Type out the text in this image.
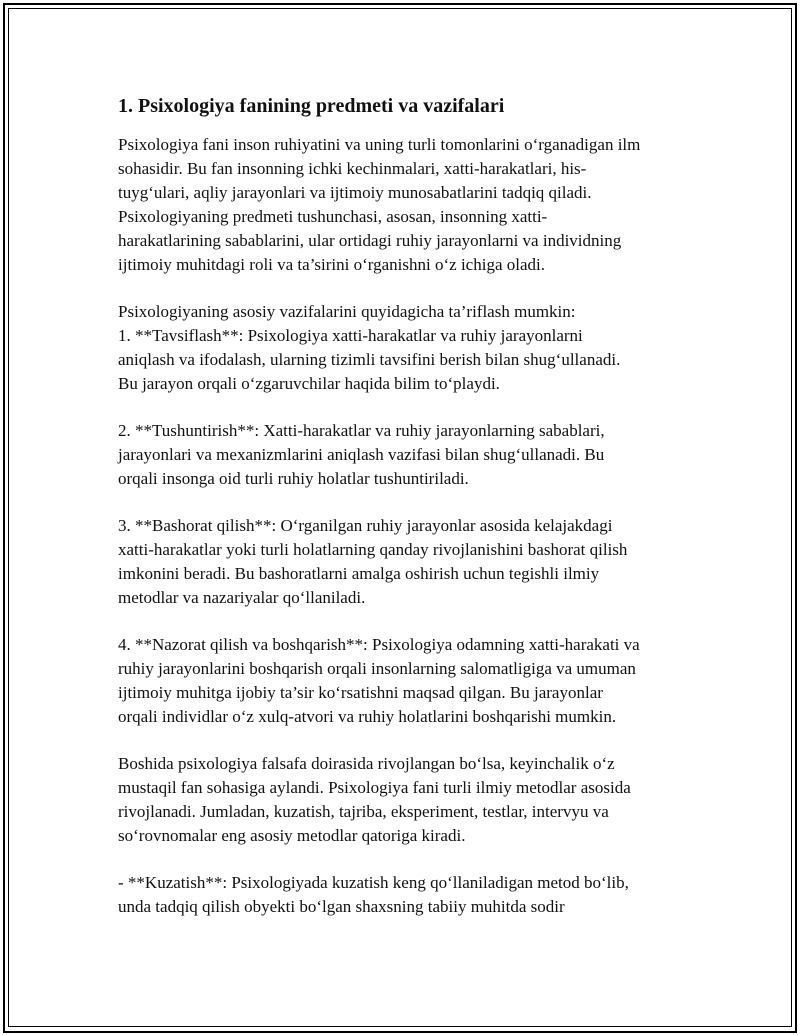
1. Psixologiya fanining predmeti va vazifalari
Psixologiya fani inson ruhiyatini va uning turli tomonlarini o‘rganadigan ilm
sohasidir. Bu fan insonning ichki kechinmalari, xatti-harakatlari, his-
tuyg‘ulari, aqliy jarayonlari va ijtimoiy munosabatlarini tadqiq qiladi.
Psixologiyaning predmeti tushunchasi, asosan, insonning xatti-
harakatlarining sabablarini, ular ortidagi ruhiy jarayonlarni va individning
ijtimoiy muhitdagi roli va ta’sirini o‘rganishni o‘z ichiga oladi.
Psixologiyaning asosiy vazifalarini quyidagicha ta’riflash mumkin:
1. **Tavsiflash**: Psixologiya xatti-harakatlar va ruhiy jarayonlarni
aniqlash va ifodalash, ularning tizimli tavsifini berish bilan shug‘ullanadi.
Bu jarayon orqali o‘zgaruvchilar haqida bilim to‘playdi.
2. **Tushuntirish**: Xatti-harakatlar va ruhiy jarayonlarning sabablari,
jarayonlari va mexanizmlarini aniqlash vazifasi bilan shug‘ullanadi. Bu
orqali insonga oid turli ruhiy holatlar tushuntiriladi.
3. **Bashorat qilish**: O‘rganilgan ruhiy jarayonlar asosida kelajakdagi
xatti-harakatlar yoki turli holatlarning qanday rivojlanishini bashorat qilish
imkonini beradi. Bu bashoratlarni amalga oshirish uchun tegishli ilmiy
metodlar va nazariyalar qo‘llaniladi.
4. **Nazorat qilish va boshqarish**: Psixologiya odamning xatti-harakati va
ruhiy jarayonlarini boshqarish orqali insonlarning salomatligiga va umuman
ijtimoiy muhitga ijobiy ta’sir ko‘rsatishni maqsad qilgan. Bu jarayonlar
orqali individlar o‘z xulq-atvori va ruhiy holatlarini boshqarishi mumkin.
Boshida psixologiya falsafa doirasida rivojlangan bo‘lsa, keyinchalik o‘z
mustaqil fan sohasiga aylandi. Psixologiya fani turli ilmiy metodlar asosida
rivojlanadi. Jumladan, kuzatish, tajriba, eksperiment, testlar, intervyu va
so‘rovnomalar eng asosiy metodlar qatoriga kiradi.
- **Kuzatish**: Psixologiyada kuzatish keng qo‘llaniladigan metod bo‘lib,
unda tadqiq qilish obyekti bo‘lgan shaxsning tabiiy muhitda sodir
